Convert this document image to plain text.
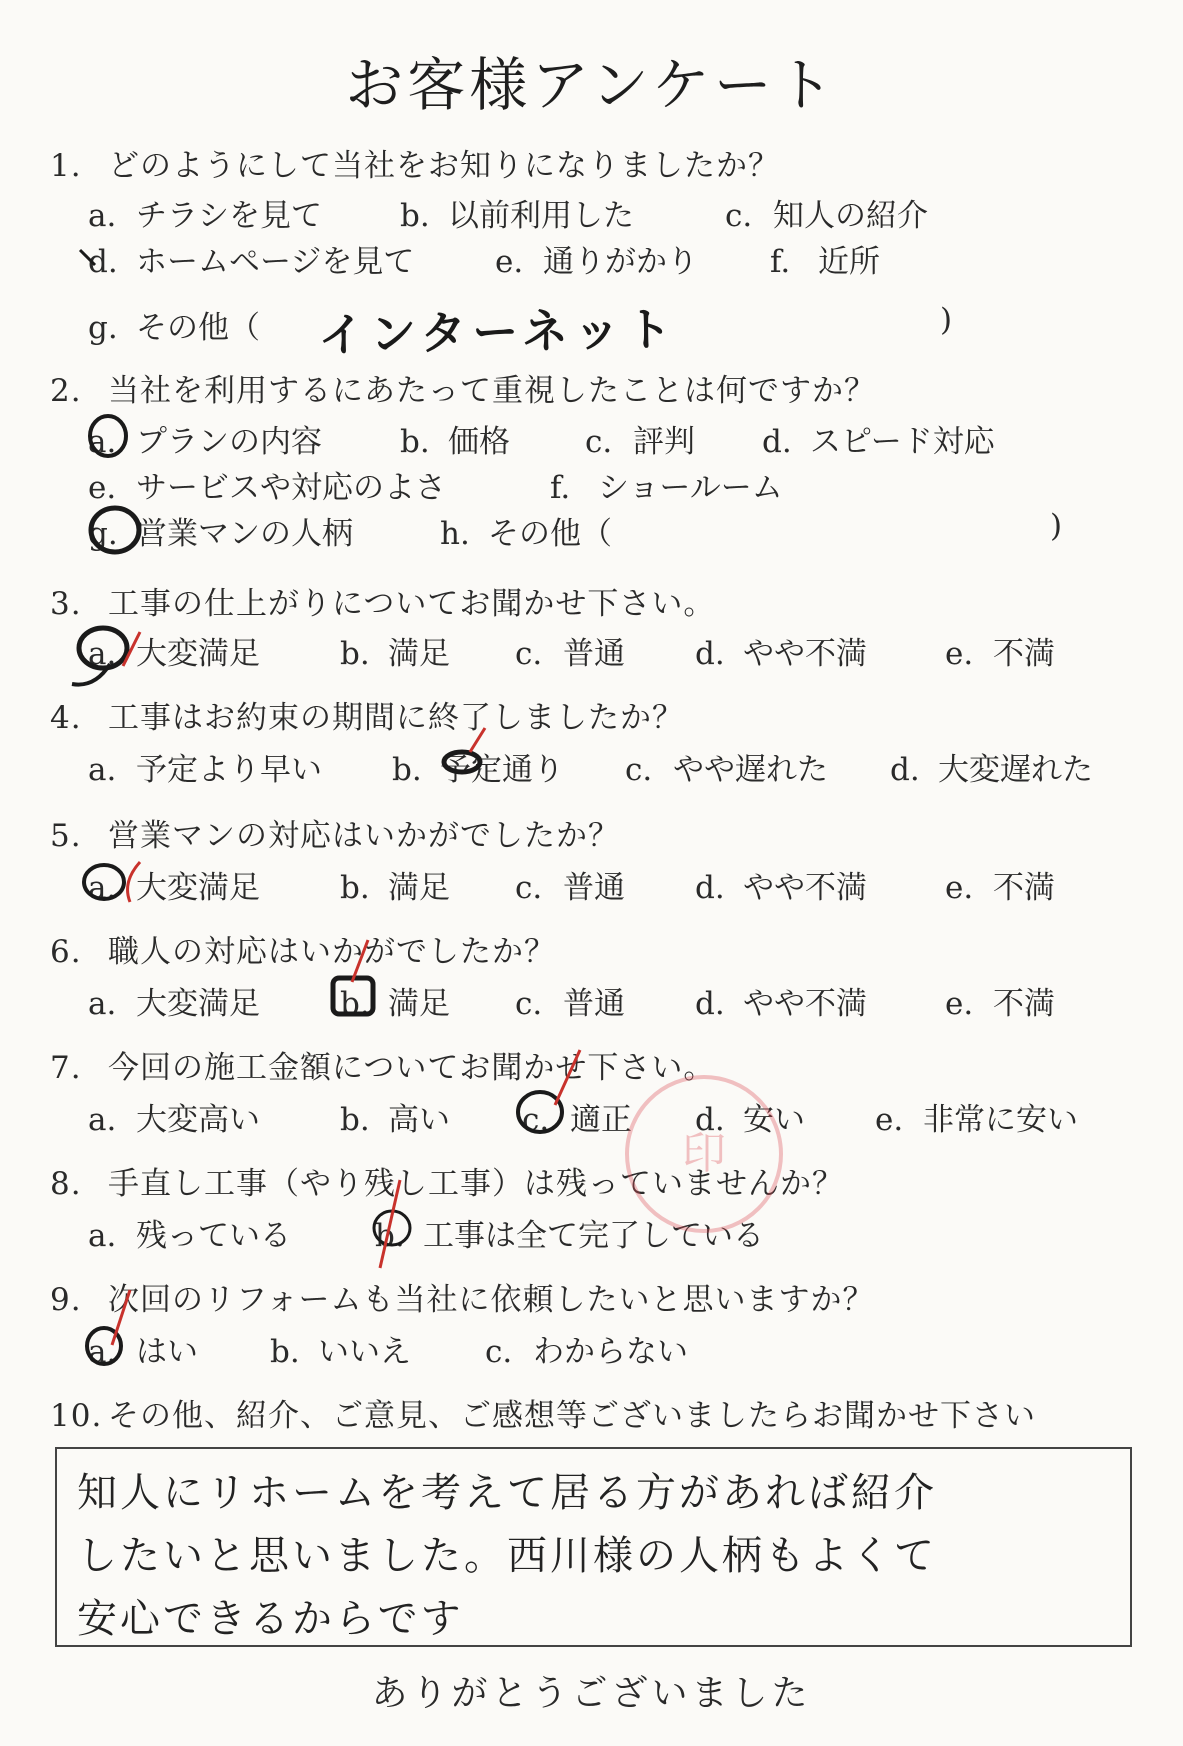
お客様アンケート
1. どのようにして当社をお知りになりましたか？
a. チラシを見て	b. 以前利用した	c. 知人の紹介
d. ホームページを見て	e. 通りがかり f. 近所
g. その他（ インターネット	)
2. 当社を利用するにあたって重視したことは何ですか？
a. プランの内容	b. 価格 c. 評判 d. スピード対応
e. サービスや対応のよさ	f. ショールーム
g. 営業マンの人柄	h. その他（	)
3. 工事の仕上がりについてお聞かせ下さい。
a. 大変満足	b. 満足 c. 普通 d. やや不満	e. 不満
4. 工事はお約束の期間に終了しましたか？
a. 予定より早い b. 予定通り c. やや遅れた d. 大変遅れた
5. 営業マンの対応はいかがでしたか？
a. 大変満足	b. 満足 c. 普通 d. やや不満	e. 不満
6. 職人の対応はいかがでしたか？
a. 大変満足	b. 満足 c. 普通 d. やや不満	e. 不満
7. 今回の施工金額についてお聞かせ下さい。
a. 大変高い	b. 高い c. 適正 d. 安い e. 非常に安い
8. 手直し工事（やり残し工事）は残っていませんか？
a. 残っている	b. 工事は全て完了している
9. 次回のリフォームも当社に依頼したいと思いますか？
a. はい b. いいえ c. わからない
10. その他、紹介、ご意見、ご感想等ございましたらお聞かせ下さい
知人にリホームを考えて居る方があれば紹介
したいと思いました。西川様の人柄もよくて
安心できるからです
ありがとうございました
印
